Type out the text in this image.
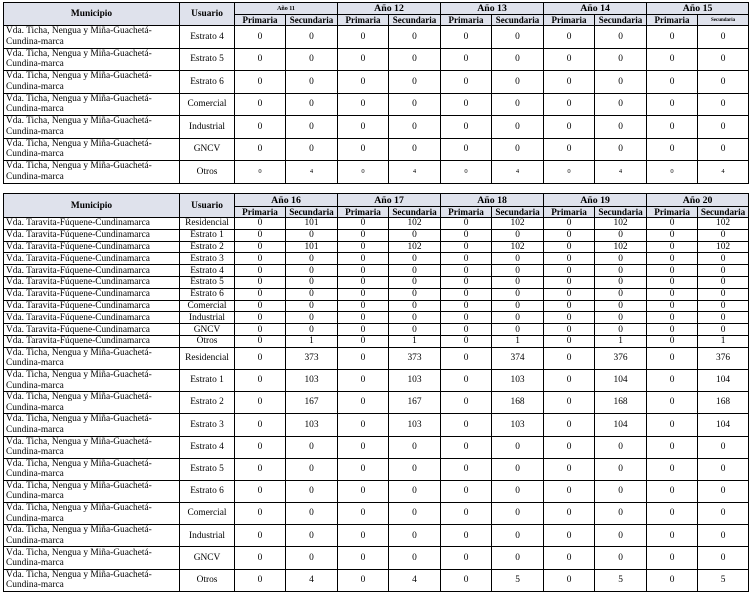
Municipio	Usuario	Año 11		Año 12		Año 13		Año 14		Año 15	
		Primaria	Secundaria	Primaria	Secundaria	Primaria	Secundaria	Primaria	Secundaria	Primaria	Secundaria
Vda. Ticha, Nengua y Miña-Guachetá-Cundina-marca	Estrato 4	0	0	0	0	0	0	0	0	0	0
Vda. Ticha, Nengua y Miña-Guachetá-Cundina-marca	Estrato 5	0	0	0	0	0	0	0	0	0	0
Vda. Ticha, Nengua y Miña-Guachetá-Cundina-marca	Estrato 6	0	0	0	0	0	0	0	0	0	0
Vda. Ticha, Nengua y Miña-Guachetá-Cundina-marca	Comercial	0	0	0	0	0	0	0	0	0	0
Vda. Ticha, Nengua y Miña-Guachetá-Cundina-marca	Industrial	0	0	0	0	0	0	0	0	0	0
Vda. Ticha, Nengua y Miña-Guachetá-Cundina-marca	GNCV	0	0	0	0	0	0	0	0	0	0
Vda. Ticha, Nengua y Miña-Guachetá-Cundina-marca	Otros	0	4	0	4	0	4	0	4	0	4
Municipio	Usuario	Año 16		Año 17		Año 18		Año 19		Año 20	
		Primaria	Secundaria	Primaria	Secundaria	Primaria	Secundaria	Primaria	Secundaria	Primaria	Secundaria
Vda. Taravita-Fúquene-Cundinamarca	Residencial	0	101	0	102	0	102	0	102	0	102
Vda. Taravita-Fúquene-Cundinamarca	Estrato 1	0	0	0	0	0	0	0	0	0	0
Vda. Taravita-Fúquene-Cundinamarca	Estrato 2	0	101	0	102	0	102	0	102	0	102
Vda. Taravita-Fúquene-Cundinamarca	Estrato 3	0	0	0	0	0	0	0	0	0	0
Vda. Taravita-Fúquene-Cundinamarca	Estrato 4	0	0	0	0	0	0	0	0	0	0
Vda. Taravita-Fúquene-Cundinamarca	Estrato 5	0	0	0	0	0	0	0	0	0	0
Vda. Taravita-Fúquene-Cundinamarca	Estrato 6	0	0	0	0	0	0	0	0	0	0
Vda. Taravita-Fúquene-Cundinamarca	Comercial	0	0	0	0	0	0	0	0	0	0
Vda. Taravita-Fúquene-Cundinamarca	Industrial	0	0	0	0	0	0	0	0	0	0
Vda. Taravita-Fúquene-Cundinamarca	GNCV	0	0	0	0	0	0	0	0	0	0
Vda. Taravita-Fúquene-Cundinamarca	Otros	0	1	0	1	0	1	0	1	0	1
Vda. Ticha, Nengua y Miña-Guachetá-Cundina-marca	Residencial	0	373	0	373	0	374	0	376	0	376
Vda. Ticha, Nengua y Miña-Guachetá-Cundina-marca	Estrato 1	0	103	0	103	0	103	0	104	0	104
Vda. Ticha, Nengua y Miña-Guachetá-Cundina-marca	Estrato 2	0	167	0	167	0	168	0	168	0	168
Vda. Ticha, Nengua y Miña-Guachetá-Cundina-marca	Estrato 3	0	103	0	103	0	103	0	104	0	104
Vda. Ticha, Nengua y Miña-Guachetá-Cundina-marca	Estrato 4	0	0	0	0	0	0	0	0	0	0
Vda. Ticha, Nengua y Miña-Guachetá-Cundina-marca	Estrato 5	0	0	0	0	0	0	0	0	0	0
Vda. Ticha, Nengua y Miña-Guachetá-Cundina-marca	Estrato 6	0	0	0	0	0	0	0	0	0	0
Vda. Ticha, Nengua y Miña-Guachetá-Cundina-marca	Comercial	0	0	0	0	0	0	0	0	0	0
Vda. Ticha, Nengua y Miña-Guachetá-Cundina-marca	Industrial	0	0	0	0	0	0	0	0	0	0
Vda. Ticha, Nengua y Miña-Guachetá-Cundina-marca	GNCV	0	0	0	0	0	0	0	0	0	0
Vda. Ticha, Nengua y Miña-Guachetá-Cundina-marca	Otros	0	4	0	4	0	5	0	5	0	5
